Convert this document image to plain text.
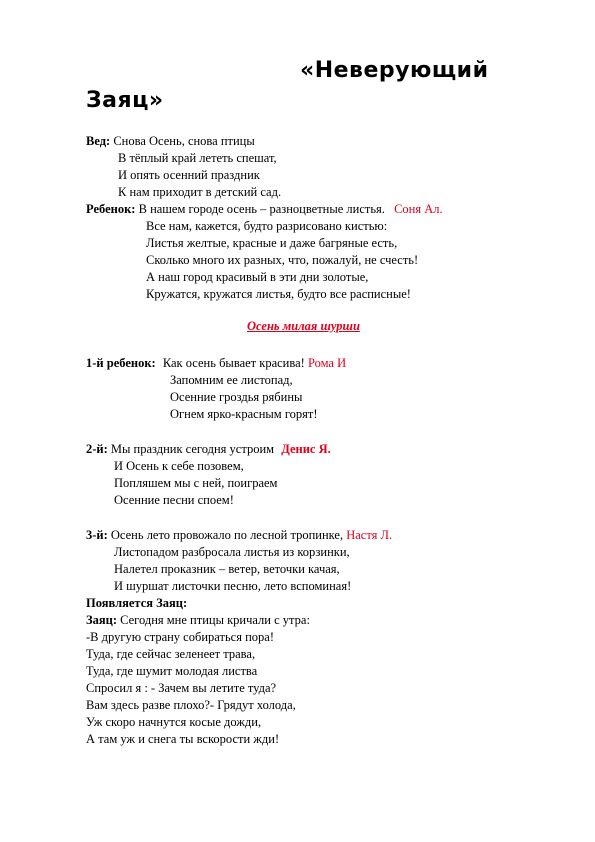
«Неверующий
Заяц»
Вед: Снова Осень, снова птицы
В тёплый край лететь спешат,
И опять осенний праздник
К нам приходит в детский сад.
Ребенок: В нашем городе осень – разноцветные листья. Соня Ал.
Все нам, кажется, будто разрисовано кистью:
Листья желтые, красные и даже багряные есть,
Сколько много их разных, что, пожалуй, не счесть!
А наш город красивый в эти дни золотые,
Кружатся, кружатся листья, будто все расписные!
Осень милая шурши
1-й ребенок: Как осень бывает красива! Рома И
Запомним ее листопад,
Осенние гроздья рябины
Огнем ярко-красным горят!
2-й: Мы праздник сегодня устроим Денис Я.
И Осень к себе позовем,
Попляшем мы с ней, поиграем
Осенние песни споем!
3-й: Осень лето провожало по лесной тропинке, Настя Л.
Листопадом разбросала листья из корзинки,
Налетел проказник – ветер, веточки качая,
И шуршат листочки песню, лето вспоминая!
Появляется Заяц:
Заяц: Сегодня мне птицы кричали с утра:
-В другую страну собираться пора!
Туда, где сейчас зеленеет трава,
Туда, где шумит молодая листва
Спросил я : - Зачем вы летите туда?
Вам здесь разве плохо?- Грядут холода,
Уж скоро начнутся косые дожди,
А там уж и снега ты вскорости жди!
